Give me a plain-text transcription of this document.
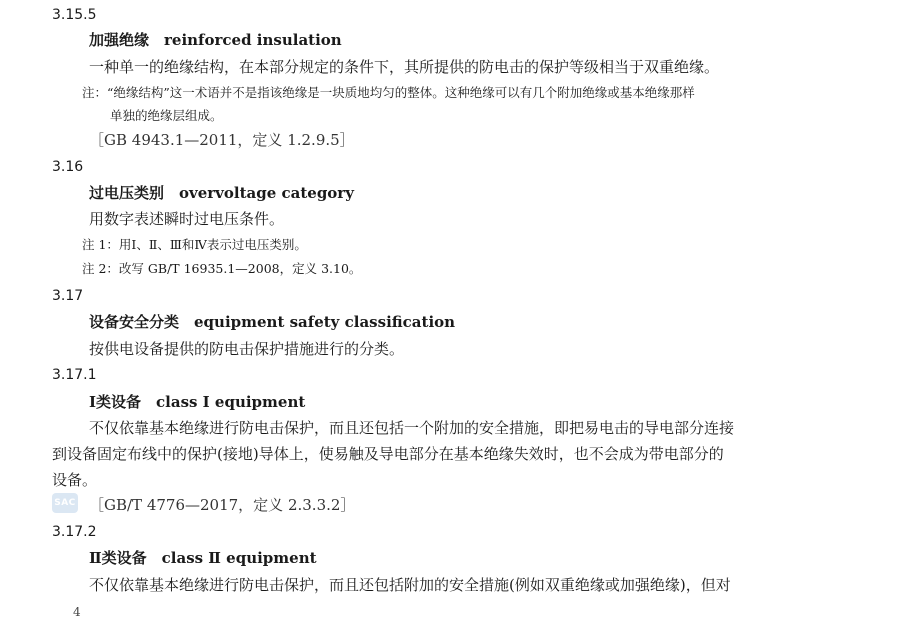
3.15.5
加强绝缘　reinforced insulation
一种单一的绝缘结构，在本部分规定的条件下，其所提供的防电击的保护等级相当于双重绝缘。
注：“绝缘结构”这一术语并不是指该绝缘是一块质地均匀的整体。这种绝缘可以有几个附加绝缘或基本绝缘那样
单独的绝缘层组成。
［GB 4943.1—2011，定义 1.2.9.5］
3.16
过电压类别　overvoltage category
用数字表述瞬时过电压条件。
注 1：用Ⅰ、Ⅱ、Ⅲ和Ⅳ表示过电压类别。
注 2：改写 GB/T 16935.1—2008，定义 3.10。
3.17
设备安全分类　equipment safety classification
按供电设备提供的防电击保护措施进行的分类。
3.17.1
Ⅰ类设备　class Ⅰ equipment
不仅依靠基本绝缘进行防电击保护，而且还包括一个附加的安全措施，即把易电击的导电部分连接
到设备固定布线中的保护(接地)导体上，使易触及导电部分在基本绝缘失效时，也不会成为带电部分的
设备。
SAC ［GB/T 4776—2017，定义 2.3.3.2］
3.17.2
Ⅱ类设备　class Ⅱ equipment
不仅依靠基本绝缘进行防电击保护，而且还包括附加的安全措施(例如双重绝缘或加强绝缘)，但对
4
